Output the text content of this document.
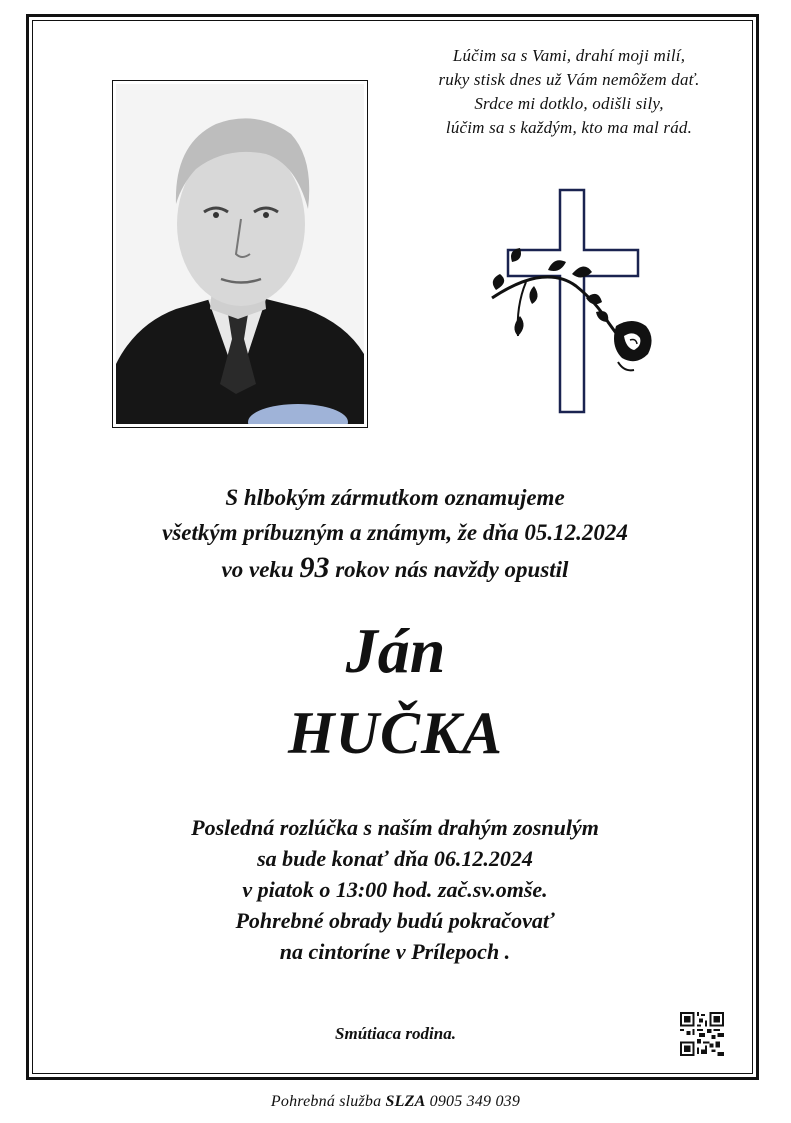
Lúčim sa s Vami, drahí moji milí,
ruky stisk dnes už Vám nemôžem dať.
Srdce mi dotklo, odišli sily,
lúčim sa s každým, kto ma mal rád.
S hlbokým zármutkom oznamujeme
všetkým príbuzným a známym, že dňa 05.12.2024
vo veku 93 rokov nás navždy opustil
Ján
HUČKA
Posledná rozlúčka s naším drahým zosnulým
sa bude konať dňa 06.12.2024
v piatok o 13:00 hod. zač.sv.omše.
Pohrebné obrady budú pokračovať
na cintoríne v Prílepoch .
Smútiaca rodina.
Pohrebná služba SLZA 0905 349 039
